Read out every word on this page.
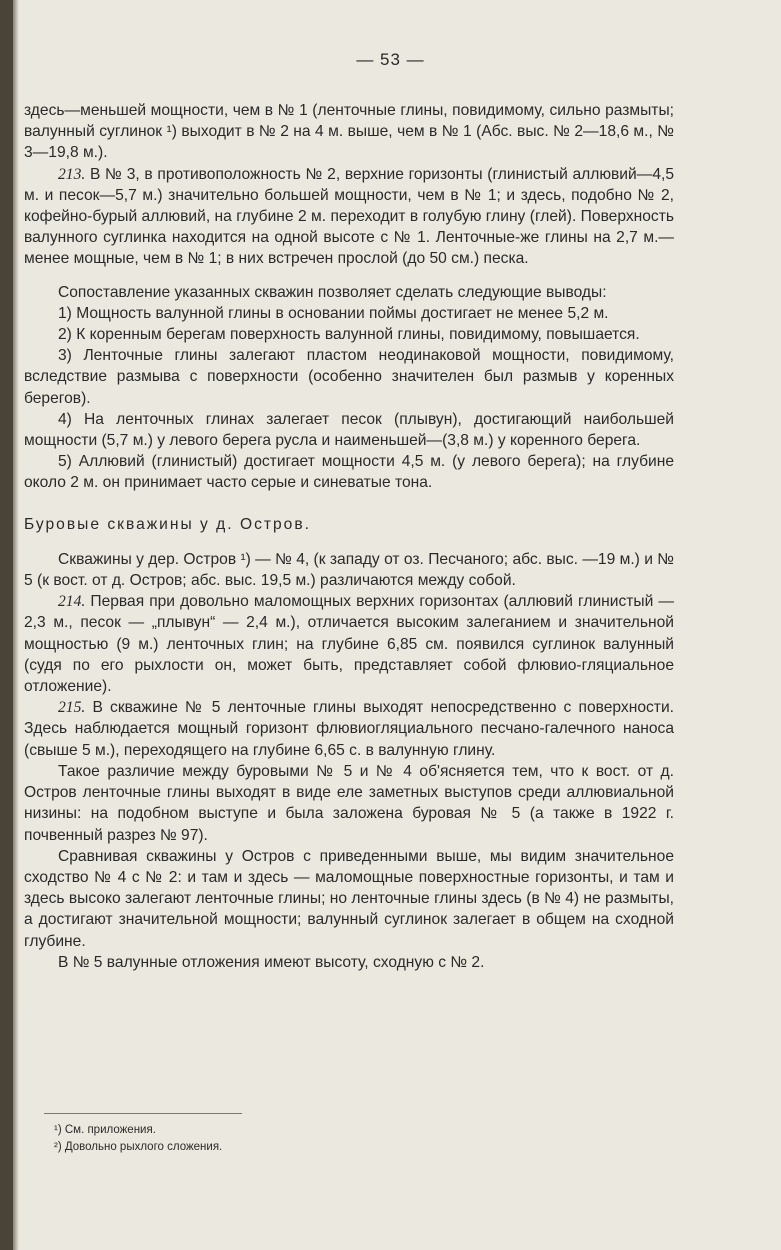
— 53 —

здесь—меньшей мощности, чем в № 1 (ленточные глины, повидимому, сильно размыты; валунный суглинок ¹) выходит в № 2 на 4 м. выше, чем в № 1 (Абс. выс. № 2—18,6 м., № 3—19,8 м.).

213. В № 3, в противоположность № 2, верхние горизонты (глинистый аллювий—4,5 м. и песок—5,7 м.) значительно большей мощности, чем в № 1; и здесь, подобно № 2, кофейно-бурый аллювий, на глубине 2 м. переходит в голубую глину (глей). Поверхность валунного суглинка находится на одной высоте с № 1. Ленточные-же глины на 2,7 м.—менее мощные, чем в № 1; в них встречен прослой (до 50 см.) песка.

Сопоставление указанных скважин позволяет сделать следующие выводы:

1) Мощность валунной глины в основании поймы достигает не менее 5,2 м.

2) К коренным берегам поверхность валунной глины, повидимому, повышается.

3) Ленточные глины залегают пластом неодинаковой мощности, повидимому, вследствие размыва с поверхности (особенно значителен был размыв у коренных берегов).

4) На ленточных глинах залегает песок (плывун), достигающий наибольшей мощности (5,7 м.) у левого берега русла и наименьшей—(3,8 м.) у коренного берега.

5) Аллювий (глинистый) достигает мощности 4,5 м. (у левого берега); на глубине около 2 м. он принимает часто серые и синеватые тона.

Буровые скважины у д. Остров.

Скважины у дер. Остров ¹) — № 4, (к западу от оз. Песчаного; абс. выс. —19 м.) и № 5 (к вост. от д. Остров; абс. выс. 19,5 м.) различаются между собой.

214. Первая при довольно маломощных верхних горизонтах (аллювий глинистый — 2,3 м., песок — „плывун“ — 2,4 м.), отличается высоким залеганием и значительной мощностью (9 м.) ленточных глин; на глубине 6,85 см. появился суглинок валунный (судя по его рыхлости он, может быть, представляет собой флювио-гляциальное отложение).

215. В скважине № 5 ленточные глины выходят непосредственно с поверхности. Здесь наблюдается мощный горизонт флювиогляциального песчано-галечного наноса (свыше 5 м.), переходящего на глубине 6,65 с. в валунную глину.

Такое различие между буровыми № 5 и № 4 об'ясняется тем, что к вост. от д. Остров ленточные глины выходят в виде еле заметных выступов среди аллювиальной низины: на подобном выступе и была заложена буровая № 5 (а также в 1922 г. почвенный разрез № 97).

Сравнивая скважины у Остров с приведенными выше, мы видим значительное сходство № 4 с № 2: и там и здесь — маломощные поверхностные горизонты, и там и здесь высоко залегают ленточные глины; но ленточные глины здесь (в № 4) не размыты, а достигают значительной мощности; валунный суглинок залегает в общем на сходной глубине.

В № 5 валунные отложения имеют высоту, сходную с № 2.

¹) См. приложения.

²) Довольно рыхлого сложения.
